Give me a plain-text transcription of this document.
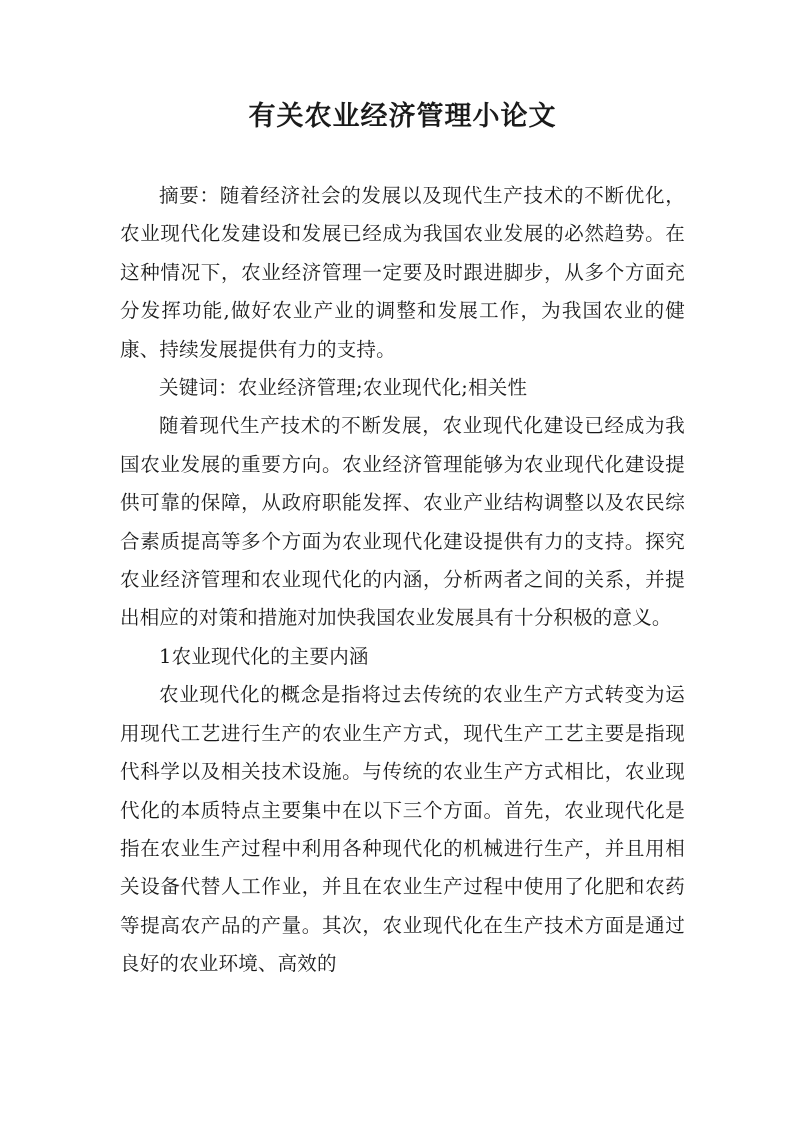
有关农业经济管理小论文

摘要：随着经济社会的发展以及现代生产技术的不断优化，农业现代化发建设和发展已经成为我国农业发展的必然趋势。在这种情况下，农业经济管理一定要及时跟进脚步，从多个方面充分发挥功能,做好农业产业的调整和发展工作，为我国农业的健康、持续发展提供有力的支持。

关键词：农业经济管理;农业现代化;相关性

随着现代生产技术的不断发展，农业现代化建设已经成为我国农业发展的重要方向。农业经济管理能够为农业现代化建设提供可靠的保障，从政府职能发挥、农业产业结构调整以及农民综合素质提高等多个方面为农业现代化建设提供有力的支持。探究农业经济管理和农业现代化的内涵，分析两者之间的关系，并提出相应的对策和措施对加快我国农业发展具有十分积极的意义。

1农业现代化的主要内涵

农业现代化的概念是指将过去传统的农业生产方式转变为运用现代工艺进行生产的农业生产方式，现代生产工艺主要是指现代科学以及相关技术设施。与传统的农业生产方式相比，农业现代化的本质特点主要集中在以下三个方面。首先，农业现代化是指在农业生产过程中利用各种现代化的机械进行生产，并且用相关设备代替人工作业，并且在农业生产过程中使用了化肥和农药等提高农产品的产量。其次，农业现代化在生产技术方面是通过良好的农业环境、高效的
